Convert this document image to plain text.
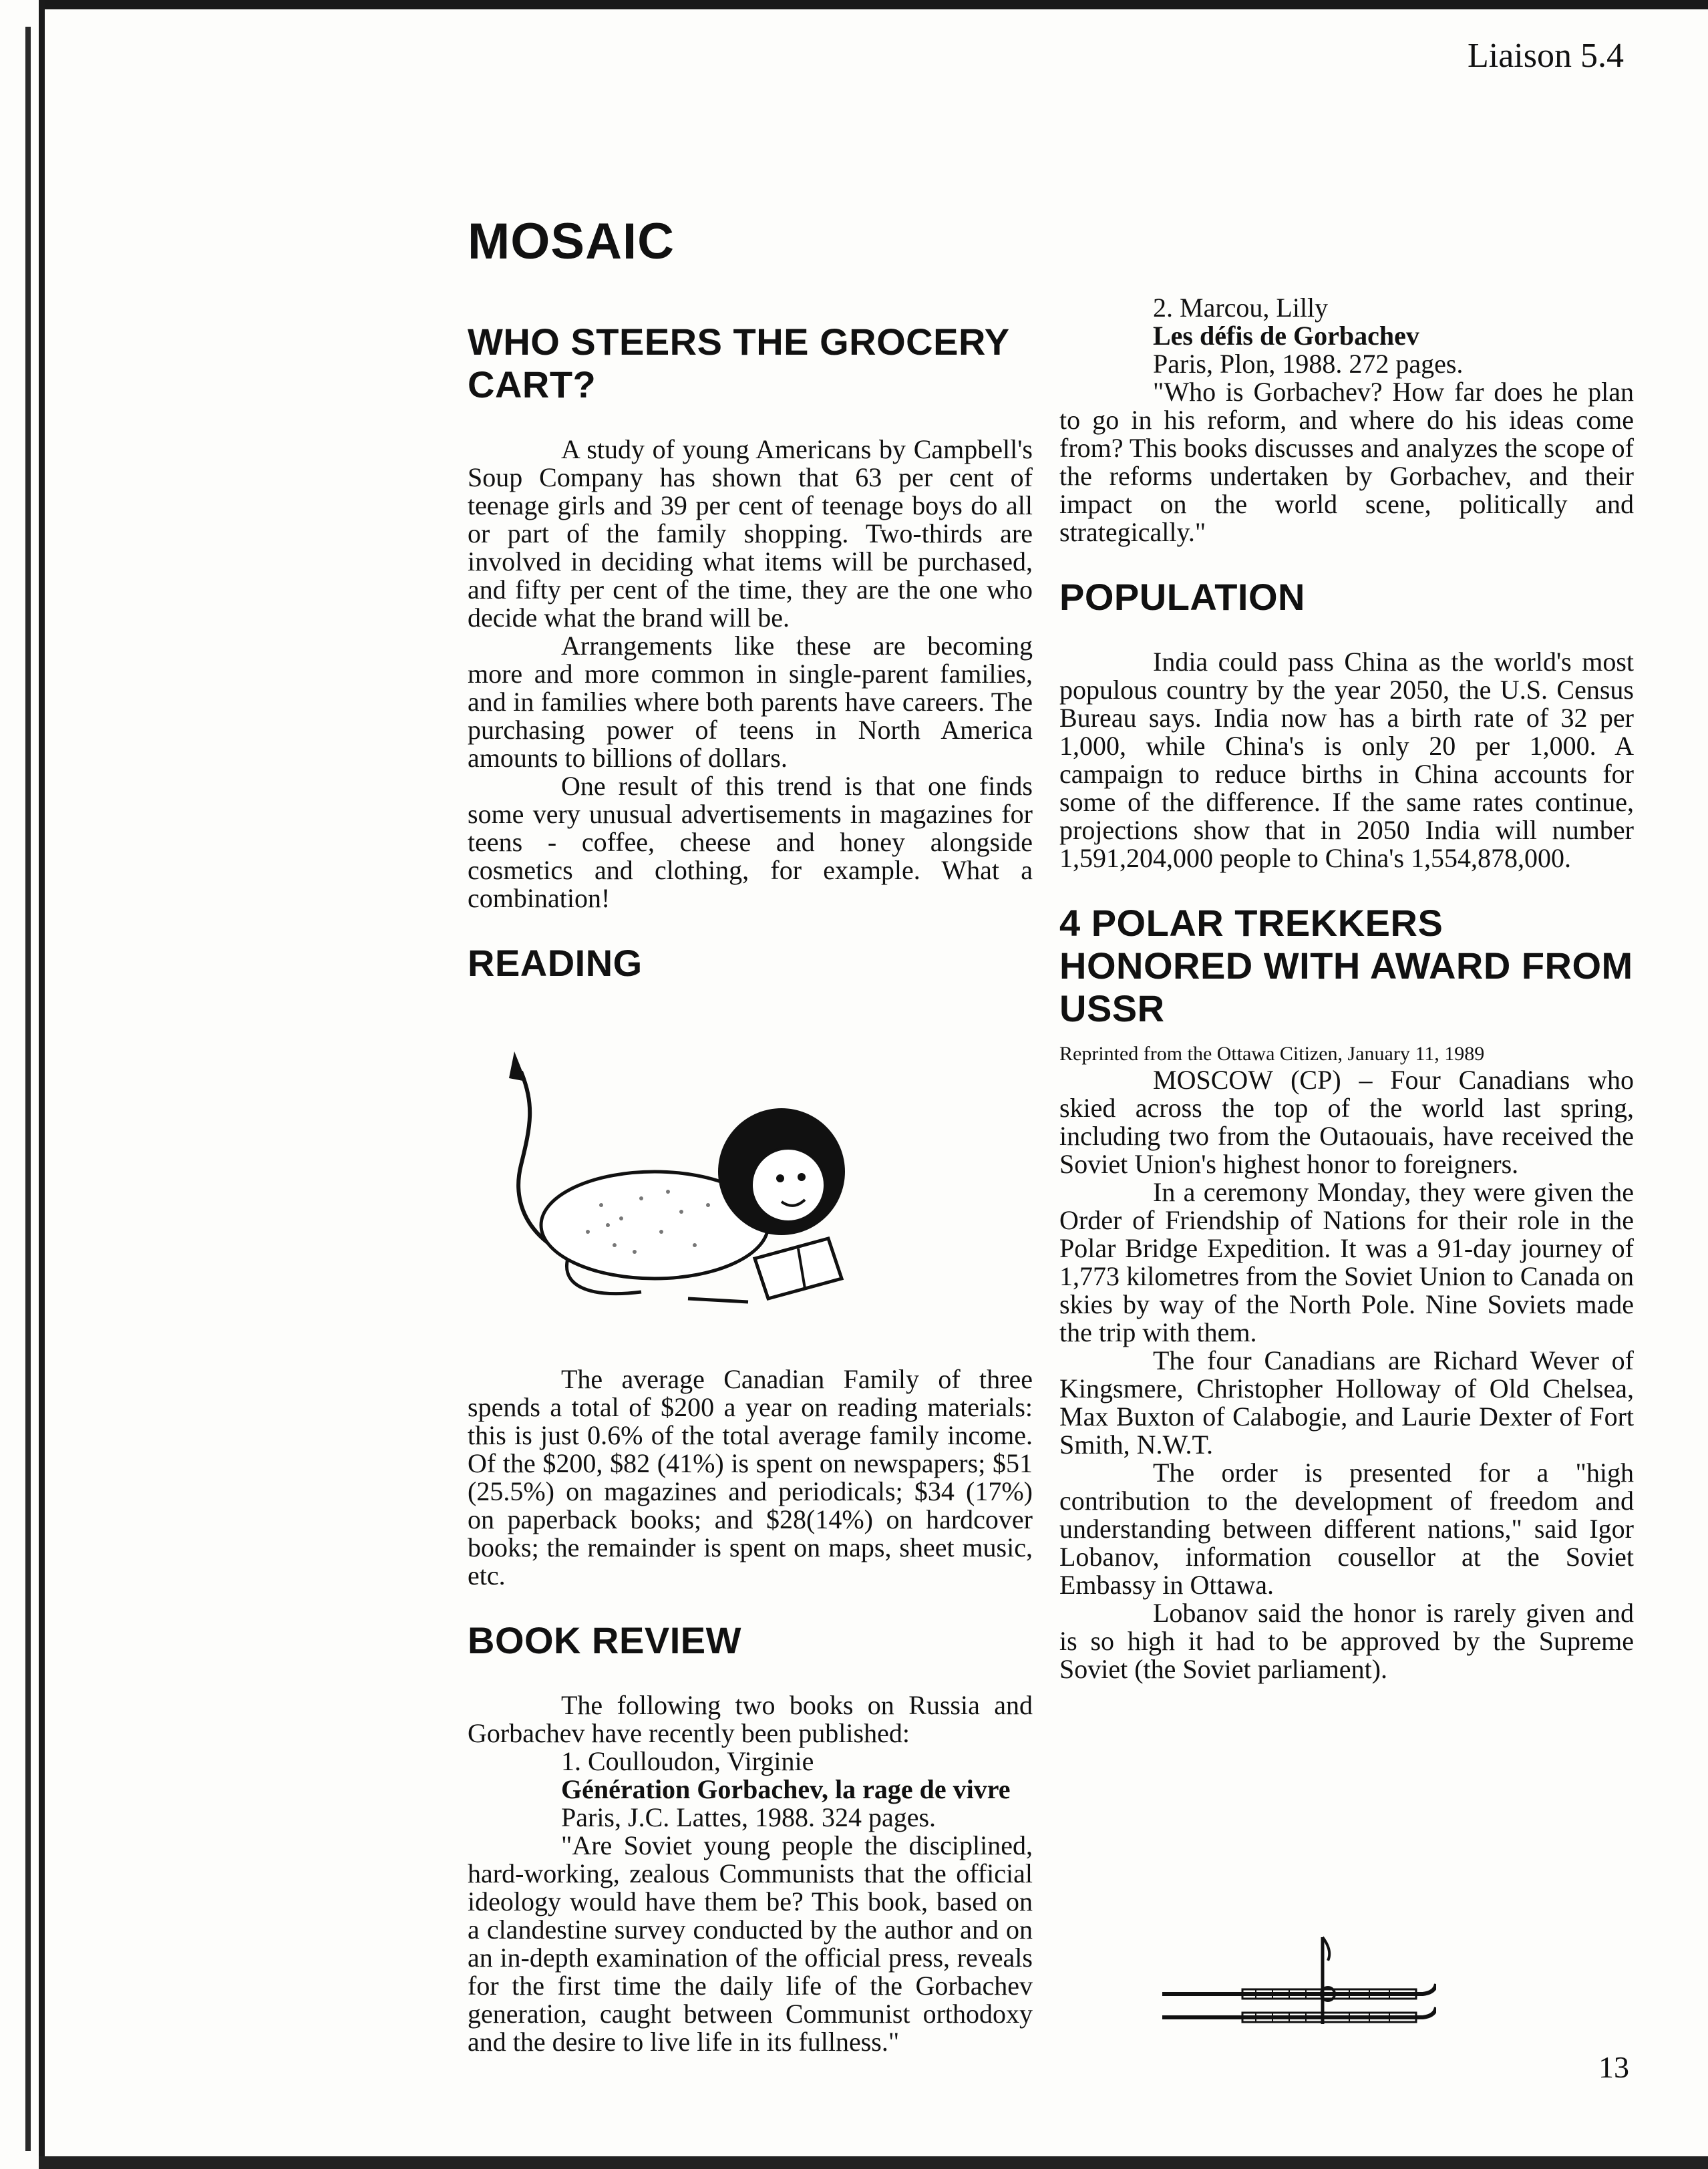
Liaison 5.4
MOSAIC
WHO STEERS THE GROCERY CART?

A study of young Americans by Campbell's Soup Company has shown that 63 per cent of teenage girls and 39 per cent of teenage boys do all or part of the family shopping. Two-thirds are involved in deciding what items will be purchased, and fifty per cent of the time, they are the one who decide what the brand will be.

Arrangements like these are becoming more and more common in single-parent families, and in families where both parents have careers. The purchasing power of teens in North America amounts to billions of dollars.

One result of this trend is that one finds some very unusual advertisements in magazines for teens - coffee, cheese and honey alongside cosmetics and clothing, for example. What a combination!

READING

The average Canadian Family of three spends a total of $200 a year on reading materials: this is just 0.6% of the total average family income. Of the $200, $82 (41%) is spent on newspapers; $51 (25.5%) on magazines and periodicals; $34 (17%) on paperback books; and $28(14%) on hardcover books; the remainder is spent on maps, sheet music, etc.

BOOK REVIEW

The following two books on Russia and Gorbachev have recently been published:

1. Coulloudon, Virginie
Génération Gorbachev, la rage de vivre
Paris, J.C. Lattes, 1988. 324 pages.

"Are Soviet young people the disciplined, hard-working, zealous Communists that the official ideology would have them be? This book, based on a clandestine survey conducted by the author and on an in-depth examination of the official press, reveals for the first time the daily life of the Gorbachev generation, caught between Communist orthodoxy and the desire to live life in its fullness."

2. Marcou, Lilly
Les défis de Gorbachev
Paris, Plon, 1988. 272 pages.

"Who is Gorbachev? How far does he plan to go in his reform, and where do his ideas come from? This books discusses and analyzes the scope of the reforms undertaken by Gorbachev, and their impact on the world scene, politically and strategically."

POPULATION

India could pass China as the world's most populous country by the year 2050, the U.S. Census Bureau says. India now has a birth rate of 32 per 1,000, while China's is only 20 per 1,000. A campaign to reduce births in China accounts for some of the difference. If the same rates continue, projections show that in 2050 India will number 1,591,204,000 people to China's 1,554,878,000.

4 POLAR TREKKERS HONORED WITH AWARD FROM USSR

Reprinted from the Ottawa Citizen, January 11, 1989

MOSCOW (CP) – Four Canadians who skied across the top of the world last spring, including two from the Outaouais, have received the Soviet Union's highest honor to foreigners.

In a ceremony Monday, they were given the Order of Friendship of Nations for their role in the Polar Bridge Expedition. It was a 91-day journey of 1,773 kilometres from the Soviet Union to Canada on skies by way of the North Pole. Nine Soviets made the trip with them.

The four Canadians are Richard Wever of Kingsmere, Christopher Holloway of Old Chelsea, Max Buxton of Calabogie, and Laurie Dexter of Fort Smith, N.W.T.

The order is presented for a "high contribution to the development of freedom and understanding between different nations," said Igor Lobanov, information cousellor at the Soviet Embassy in Ottawa.

Lobanov said the honor is rarely given and is so high it had to be approved by the Supreme Soviet (the Soviet parliament).

13
